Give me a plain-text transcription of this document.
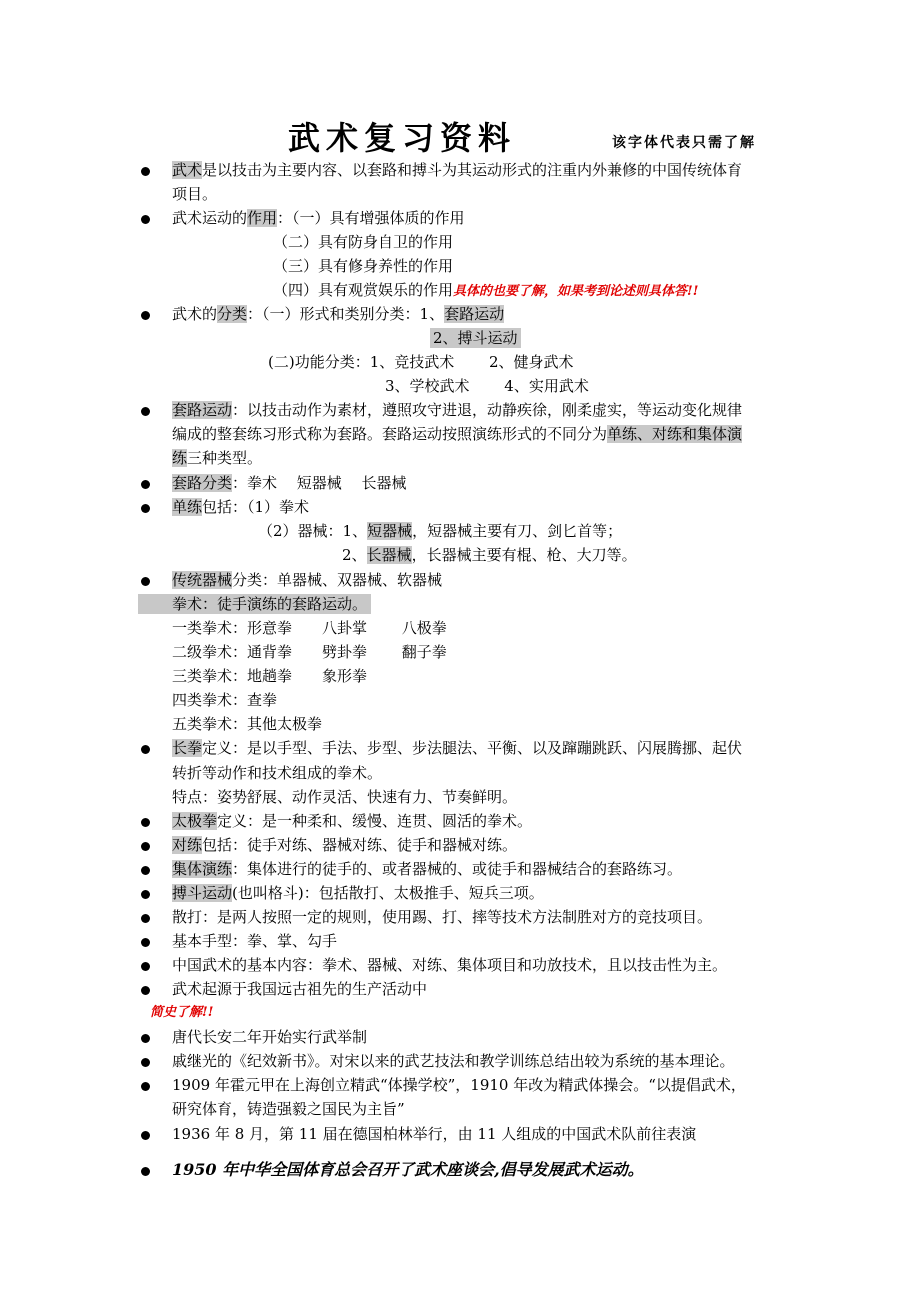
武术复习资料	该字体代表只需了解
武术是以技击为主要内容、以套路和搏斗为其运动形式的注重内外兼修的中国传统体育
项目。
武术运动的作用：（一）具有增强体质的作用
（二）具有防身自卫的作用
（三）具有修身养性的作用
（四）具有观赏娱乐的作用具体的也要了解，如果考到论述则具体答!!
武术的分类：（一）形式和类别分类：1、套路运动
2、搏斗运动
(二)功能分类：1、竞技武术　　 2、健身武术
3、学校武术　　 4、实用武术
套路运动：以技击动作为素材，遵照攻守进退，动静疾徐，刚柔虚实，等运动变化规律
编成的整套练习形式称为套路。套路运动按照演练形式的不同分为单练、对练和集体演
练三种类型。
套路分类：拳术　 短器械　 长器械
单练包括：（1）拳术
（2）器械：1、短器械，短器械主要有刀、剑匕首等；
2、长器械，长器械主要有棍、枪、大刀等。
传统器械分类：单器械、双器械、软器械
拳术：徒手演练的套路运动。
一类拳术：形意拳　　八卦掌　　 八极拳
二级拳术：通背拳　　劈卦拳　　 翻子拳
三类拳术：地趟拳　　象形拳
四类拳术：查拳
五类拳术：其他太极拳
长拳定义：是以手型、手法、步型、步法腿法、平衡、以及蹿蹦跳跃、闪展腾挪、起伏
转折等动作和技术组成的拳术。
特点：姿势舒展、动作灵活、快速有力、节奏鲜明。
太极拳定义：是一种柔和、缓慢、连贯、圆活的拳术。
对练包括：徒手对练、器械对练、徒手和器械对练。
集体演练：集体进行的徒手的、或者器械的、或徒手和器械结合的套路练习。
搏斗运动(也叫格斗)：包括散打、太极推手、短兵三项。
散打：是两人按照一定的规则，使用踢、打、摔等技术方法制胜对方的竞技项目。
基本手型：拳、掌、勾手
中国武术的基本内容：拳术、器械、对练、集体项目和功放技术，且以技击性为主。
武术起源于我国远古祖先的生产活动中
简史了解!!
唐代长安二年开始实行武举制
戚继光的《纪效新书》。对宋以来的武艺技法和教学训练总结出较为系统的基本理论。
1909 年霍元甲在上海创立精武“体操学校”，1910 年改为精武体操会。“以提倡武术，
研究体育，铸造强毅之国民为主旨”
1936 年 8 月，第 11 届在德国柏林举行，由 11 人组成的中国武术队前往表演
1950 年中华全国体育总会召开了武术座谈会,倡导发展武术运动。
